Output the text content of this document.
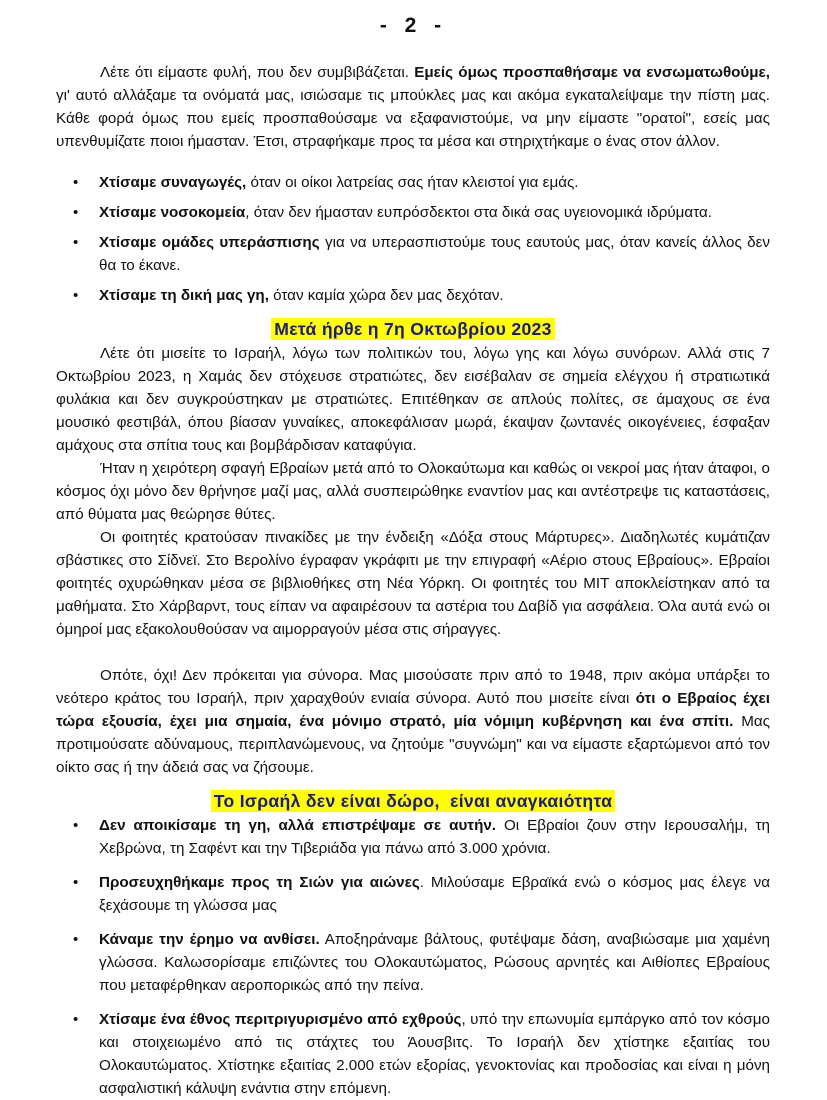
- 2 -

Λέτε ότι είμαστε φυλή, που δεν συμβιβάζεται. Εμείς όμως προσπαθήσαμε να ενσωματωθούμε, γι' αυτό αλλάξαμε τα ονόματά μας, ισιώσαμε τις μπούκλες μας και ακόμα εγκαταλείψαμε την πίστη μας. Κάθε φορά όμως που εμείς προσπαθούσαμε να εξαφανιστούμε, να μην είμαστε "ορατοί", εσείς μας υπενθυμίζατε ποιοι ήμασταν. Έτσι, στραφήκαμε προς τα μέσα και στηριχτήκαμε ο ένας στον άλλον.

• Χτίσαμε συναγωγές, όταν οι οίκοι λατρείας σας ήταν κλειστοί για εμάς.
• Χτίσαμε νοσοκομεία, όταν δεν ήμασταν ευπρόσδεκτοι στα δικά σας υγειονομικά ιδρύματα.
• Χτίσαμε ομάδες υπεράσπισης για να υπερασπιστούμε τους εαυτούς μας, όταν κανείς άλλος δεν θα το έκανε.
• Χτίσαμε τη δική μας γη, όταν καμία χώρα δεν μας δεχόταν.
Μετά ήρθε η 7η Οκτωβρίου 2023

Λέτε ότι μισείτε το Ισραήλ, λόγω των πολιτικών του, λόγω γης και λόγω συνόρων. Αλλά στις 7 Οκτωβρίου 2023, η Χαμάς δεν στόχευσε στρατιώτες, δεν εισέβαλαν σε σημεία ελέγχου ή στρατιωτικά φυλάκια και δεν συγκρούστηκαν με στρατιώτες. Επιτέθηκαν σε απλούς πολίτες, σε άμαχους σε ένα μουσικό φεστιβάλ, όπου βίασαν γυναίκες, αποκεφάλισαν μωρά, έκαψαν ζωντανές οικογένειες, έσφαξαν αμάχους στα σπίτια τους και βομβάρδισαν καταφύγια.

Ήταν η χειρότερη σφαγή Εβραίων μετά από το Ολοκαύτωμα και καθώς οι νεκροί μας ήταν άταφοι, ο κόσμος όχι μόνο δεν θρήνησε μαζί μας, αλλά συσπειρώθηκε εναντίον μας και αντέστρεψε τις καταστάσεις, από θύματα μας θεώρησε θύτες.

Οι φοιτητές κρατούσαν πινακίδες με την ένδειξη «Δόξα στους Μάρτυρες». Διαδηλωτές κυμάτιζαν σβάστικες στο Σίδνεϊ. Στο Βερολίνο έγραφαν γκράφιτι με την επιγραφή «Αέριο στους Εβραίους». Εβραίοι φοιτητές οχυρώθηκαν μέσα σε βιβλιοθήκες στη Νέα Υόρκη. Οι φοιτητές του MIT αποκλείστηκαν από τα μαθήματα. Στο Χάρβαρντ, τους είπαν να αφαιρέσουν τα αστέρια του Δαβίδ για ασφάλεια. Όλα αυτά ενώ οι όμηροί μας εξακολουθούσαν να αιμορραγούν μέσα στις σήραγγες.

Οπότε, όχι! Δεν πρόκειται για σύνορα. Μας μισούσατε πριν από το 1948, πριν ακόμα υπάρξει το νεότερο κράτος του Ισραήλ, πριν χαραχθούν ενιαία σύνορα. Αυτό που μισείτε είναι ότι ο Εβραίος έχει τώρα εξουσία, έχει μια σημαία, ένα μόνιμο στρατό, μία νόμιμη κυβέρνηση και ένα σπίτι. Μας προτιμούσατε αδύναμους, περιπλανώμενους, να ζητούμε "συγνώμη" και να είμαστε εξαρτώμενοι από τον οίκτο σας ή την άδειά σας να ζήσουμε.

Το Ισραήλ δεν είναι δώρο,  είναι αναγκαιότητα
• Δεν αποικίσαμε τη γη, αλλά επιστρέψαμε σε αυτήν. Οι Εβραίοι ζουν στην Ιερουσαλήμ, τη Χεβρώνα, τη Σαφέντ και την Τιβεριάδα για πάνω από 3.000 χρόνια.
• Προσευχηθήκαμε προς τη Σιών για αιώνες. Μιλούσαμε Εβραϊκά ενώ ο κόσμος μας έλεγε να ξεχάσουμε τη γλώσσα μας
• Κάναμε την έρημο να ανθίσει. Αποξηράναμε βάλτους, φυτέψαμε δάση, αναβιώσαμε μια χαμένη γλώσσα. Καλωσορίσαμε επιζώντες του Ολοκαυτώματος, Ρώσους αρνητές και Αιθίοπες Εβραίους που μεταφέρθηκαν αεροπορικώς από την πείνα.
• Χτίσαμε ένα έθνος περιτριγυρισμένο από εχθρούς, υπό την επωνυμία εμπάργκο από τον κόσμο και στοιχειωμένο από τις στάχτες του Άουσβιτς. Το Ισραήλ δεν χτίστηκε εξαιτίας του Ολοκαυτώματος. Χτίστηκε εξαιτίας 2.000 ετών εξορίας, γενοκτονίας και προδοσίας και είναι η μόνη ασφαλιστική κάλυψη ενάντια στην επόμενη.
